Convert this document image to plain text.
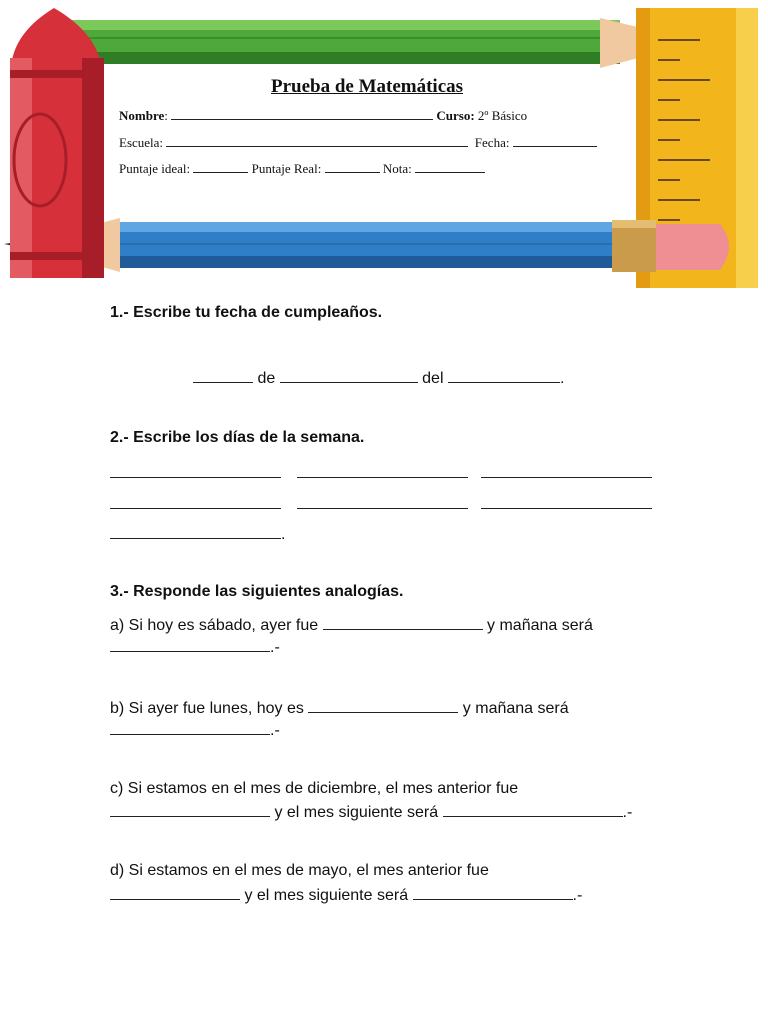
Prueba de Matemáticas
Nombre:	Curso: 2º Básico
Escuela:	Fecha:
Puntaje ideal:	Puntaje Real:	Nota:
1.- Escribe tu fecha de cumpleaños.
de	del	.
2.- Escribe los días de la semana.

.
3.- Responde las siguientes analogías.
a) Si hoy es sábado, ayer fue	y mañana será
.-
b) Si ayer fue lunes, hoy es	y mañana será
.-
c) Si estamos en el mes de diciembre, el mes anterior fue
y el mes siguiente será	.-
d) Si estamos en el mes de mayo, el mes anterior fue
y el mes siguiente será	.-
